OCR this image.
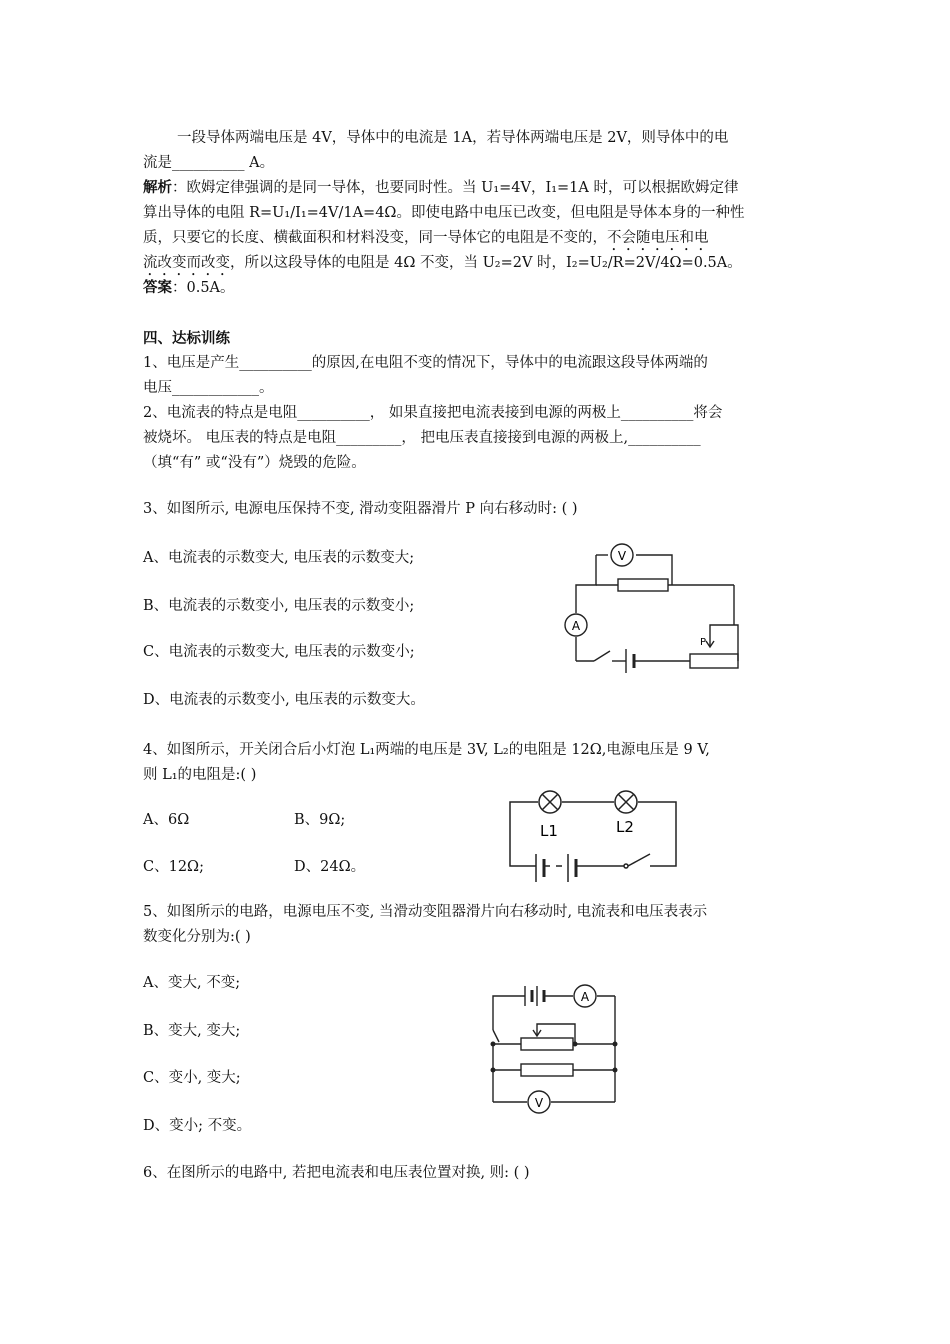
一段导体两端电压是 4V，导体中的电流是 1A，若导体两端电压是 2V，则导体中的电
流是__________ A。
解析：欧姆定律强调的是同一导体，也要同时性。当 U₁=4V，I₁=1A 时，可以根据欧姆定律
算出导体的电阻 R=U₁/I₁=4V/1A=4Ω。即使电路中电压已改变，但电阻是导体本身的一种性
质，只要它的长度、横截面积和材料没变，同一导体它的电阻是不变的，不会随电压和电
流改变而改变，所以这段导体的电阻是 4Ω 不变，当 U₂=2V 时，I₂=U₂/R=2V/4Ω=0.5A。
答案：0.5A。
四、达标训练
1、电压是产生__________的原因,在电阻不变的情况下，导体中的电流跟这段导体两端的
电压____________。
2、电流表的特点是电阻__________， 如果直接把电流表接到电源的两极上__________将会
被烧坏。 电压表的特点是电阻_________， 把电压表直接接到电源的两极上,__________
（填“有” 或“没有”）烧毁的危险。
3、如图所示, 电源电压保持不变, 滑动变阻器滑片 P 向右移动时: ( )
A、电流表的示数变大, 电压表的示数变大;
B、电流表的示数变小, 电压表的示数变小;
C、电流表的示数变大, 电压表的示数变小;
D、电流表的示数变小, 电压表的示数变大。
V
A
P
4、如图所示，开关闭合后小灯泡 L₁两端的电压是 3V, L₂的电阻是 12Ω,电源电压是 9 V,
则 L₁的电阻是:( )
A、6Ω	B、9Ω;
C、12Ω;	D、24Ω。
L1	L2
5、如图所示的电路，电源电压不变, 当滑动变阻器滑片向右移动时, 电流表和电压表表示
数变化分别为:( )
A、变大, 不变;
B、变大, 变大;
C、变小, 变大;
D、变小; 不变。
A
V
6、在图所示的电路中, 若把电流表和电压表位置对换, 则: ( )
